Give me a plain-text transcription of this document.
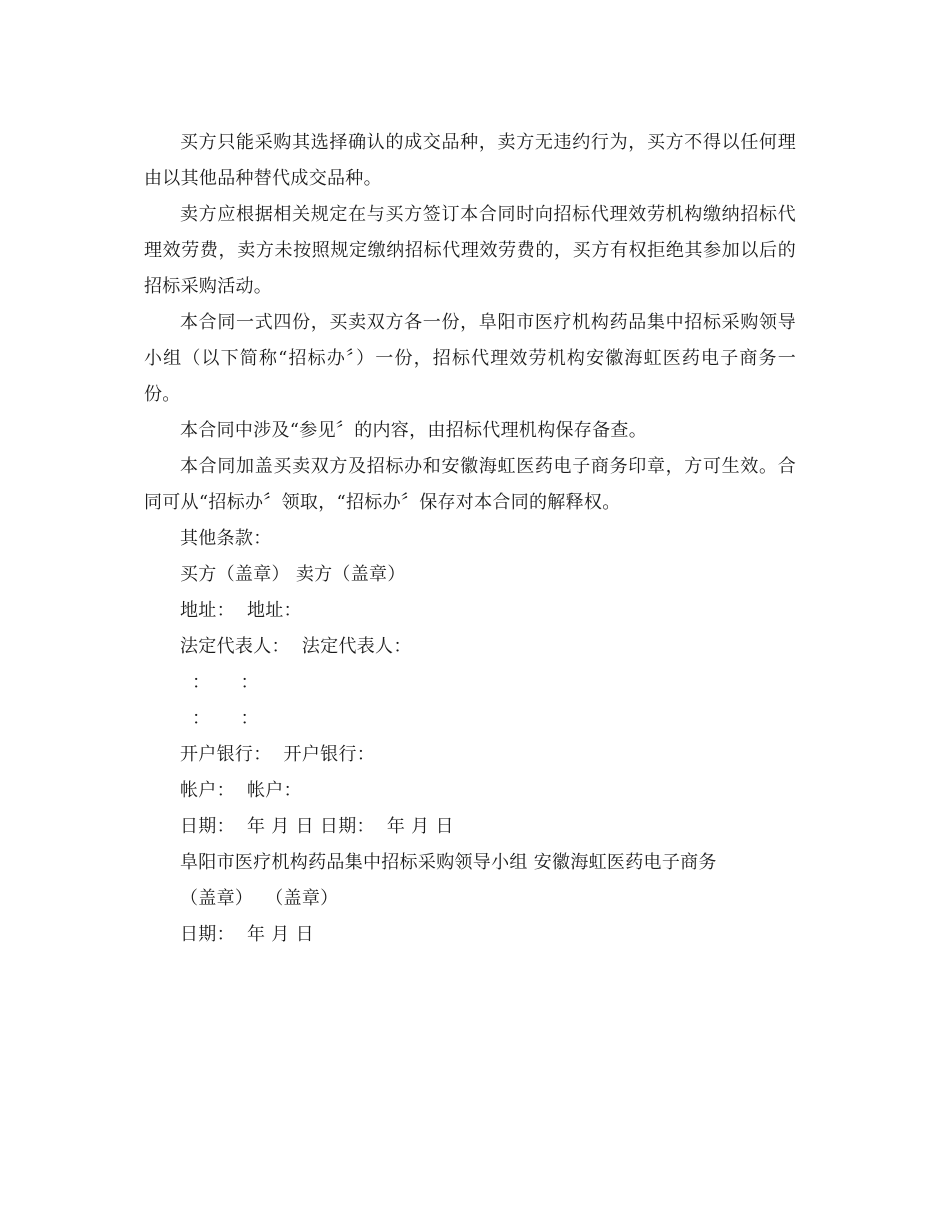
买方只能采购其选择确认的成交品种，卖方无违约行为，买方不得以任何理由以其他品种替代成交品种。

卖方应根据相关规定在与买方签订本合同时向招标代理效劳机构缴纳招标代理效劳费，卖方未按照规定缴纳招标代理效劳费的，买方有权拒绝其参加以后的招标采购活动。

本合同一式四份，买卖双方各一份，阜阳市医疗机构药品集中招标采购领导小组（以下简称“招标办〞）一份，招标代理效劳机构安徽海虹医药电子商务一份。

本合同中涉及“参见〞的内容，由招标代理机构保存备查。

本合同加盖买卖双方及招标办和安徽海虹医药电子商务印章，方可生效。合同可从“招标办〞领取，“招标办〞保存对本合同的解释权。

其他条款：
买方（盖章） 卖方（盖章）
地址：  地址：
法定代表人：  法定代表人：
：     ：
：     ：
开户银行：  开户银行：
帐户：  帐户：
日期：  年 月 日 日期：  年 月 日
阜阳市医疗机构药品集中招标采购领导小组 安徽海虹医药电子商务
（盖章）  （盖章）
日期：  年 月 日
